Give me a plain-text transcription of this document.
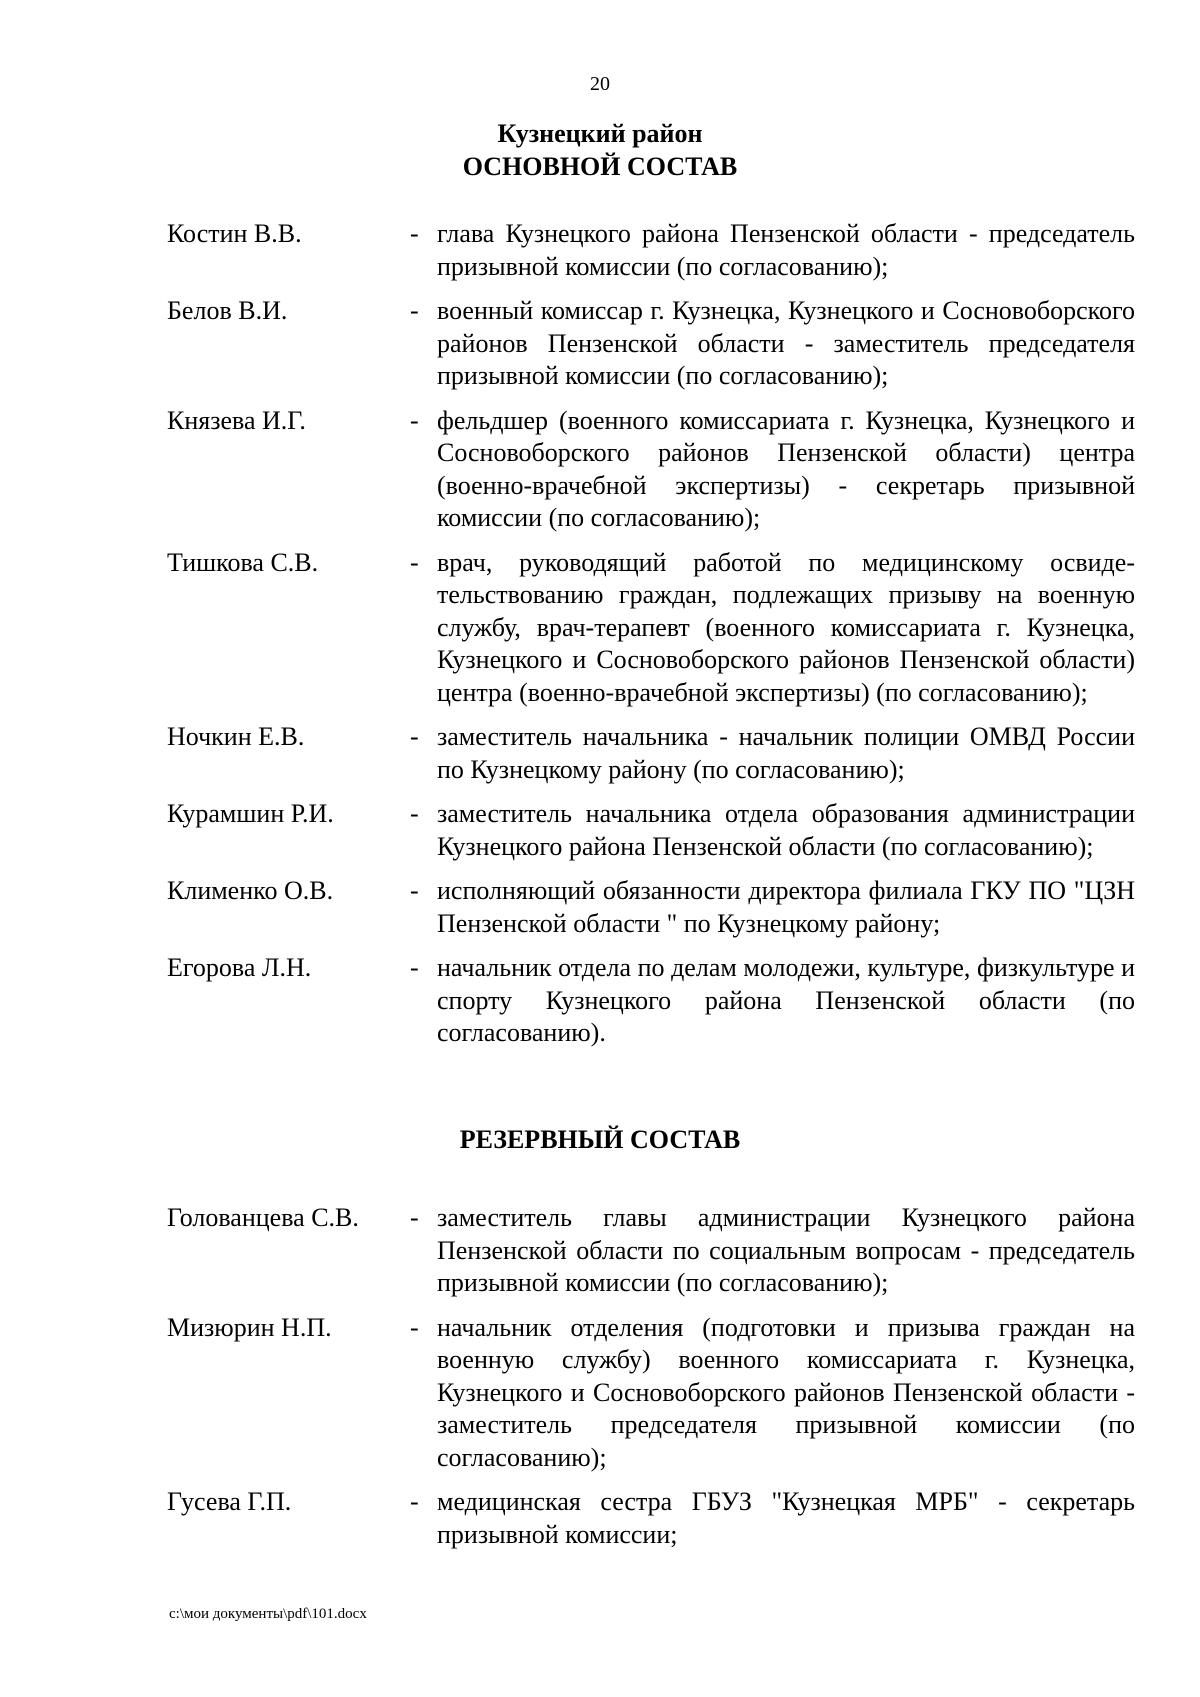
20
Кузнецкий район
ОСНОВНОЙ СОСТАВ
Костин В.В.	- глава Кузнецкого района Пензенской области - председатель призывной комиссии (по согласованию);
Белов В.И.	- военный комиссар г. Кузнецка, Кузнецкого и Сосновоборского районов Пензенской области - заместитель председателя призывной комиссии (по согласованию);
Князева И.Г.	- фельдшер (военного комиссариата г. Кузнецка, Кузнецкого и Сосновоборского районов Пензенской области) центра (военно-врачебной экспертизы) - секретарь призывной комиссии (по согласованию);
Тишкова С.В.	- врач, руководящий работой по медицинскому освидетельствованию граждан, подлежащих призыву на военную службу, врач-терапевт (военного комиссариата г. Кузнецка, Кузнецкого и Сосновоборского районов Пензенской области) центра (военно-врачебной экспертизы) (по согласованию);
Ночкин Е.В.	- заместитель начальника - начальник полиции ОМВД России по Кузнецкому району (по согласованию);
Курамшин Р.И.	- заместитель начальника отдела образования администрации Кузнецкого района Пензенской области (по согласованию);
Клименко О.В.	- исполняющий обязанности директора филиала ГКУ ПО "ЦЗН Пензенской области " по Кузнецкому району;
Егорова Л.Н.	- начальник отдела по делам молодежи, культуре, физкультуре и спорту Кузнецкого района Пензенской области (по согласованию).
РЕЗЕРВНЫЙ СОСТАВ
Голованцева С.В.	- заместитель главы администрации Кузнецкого района Пензенской области по социальным вопросам - председатель призывной комиссии (по согласованию);
Мизюрин Н.П.	- начальник отделения (подготовки и призыва граждан на военную службу) военного комиссариата г. Кузнецка, Кузнецкого и Сосновоборского районов Пензенской области - заместитель председателя призывной комиссии (по согласованию);
Гусева Г.П.	- медицинская сестра ГБУЗ "Кузнецкая МРБ" - секретарь призывной комиссии;
c:\мои документы\pdf\101.docx
